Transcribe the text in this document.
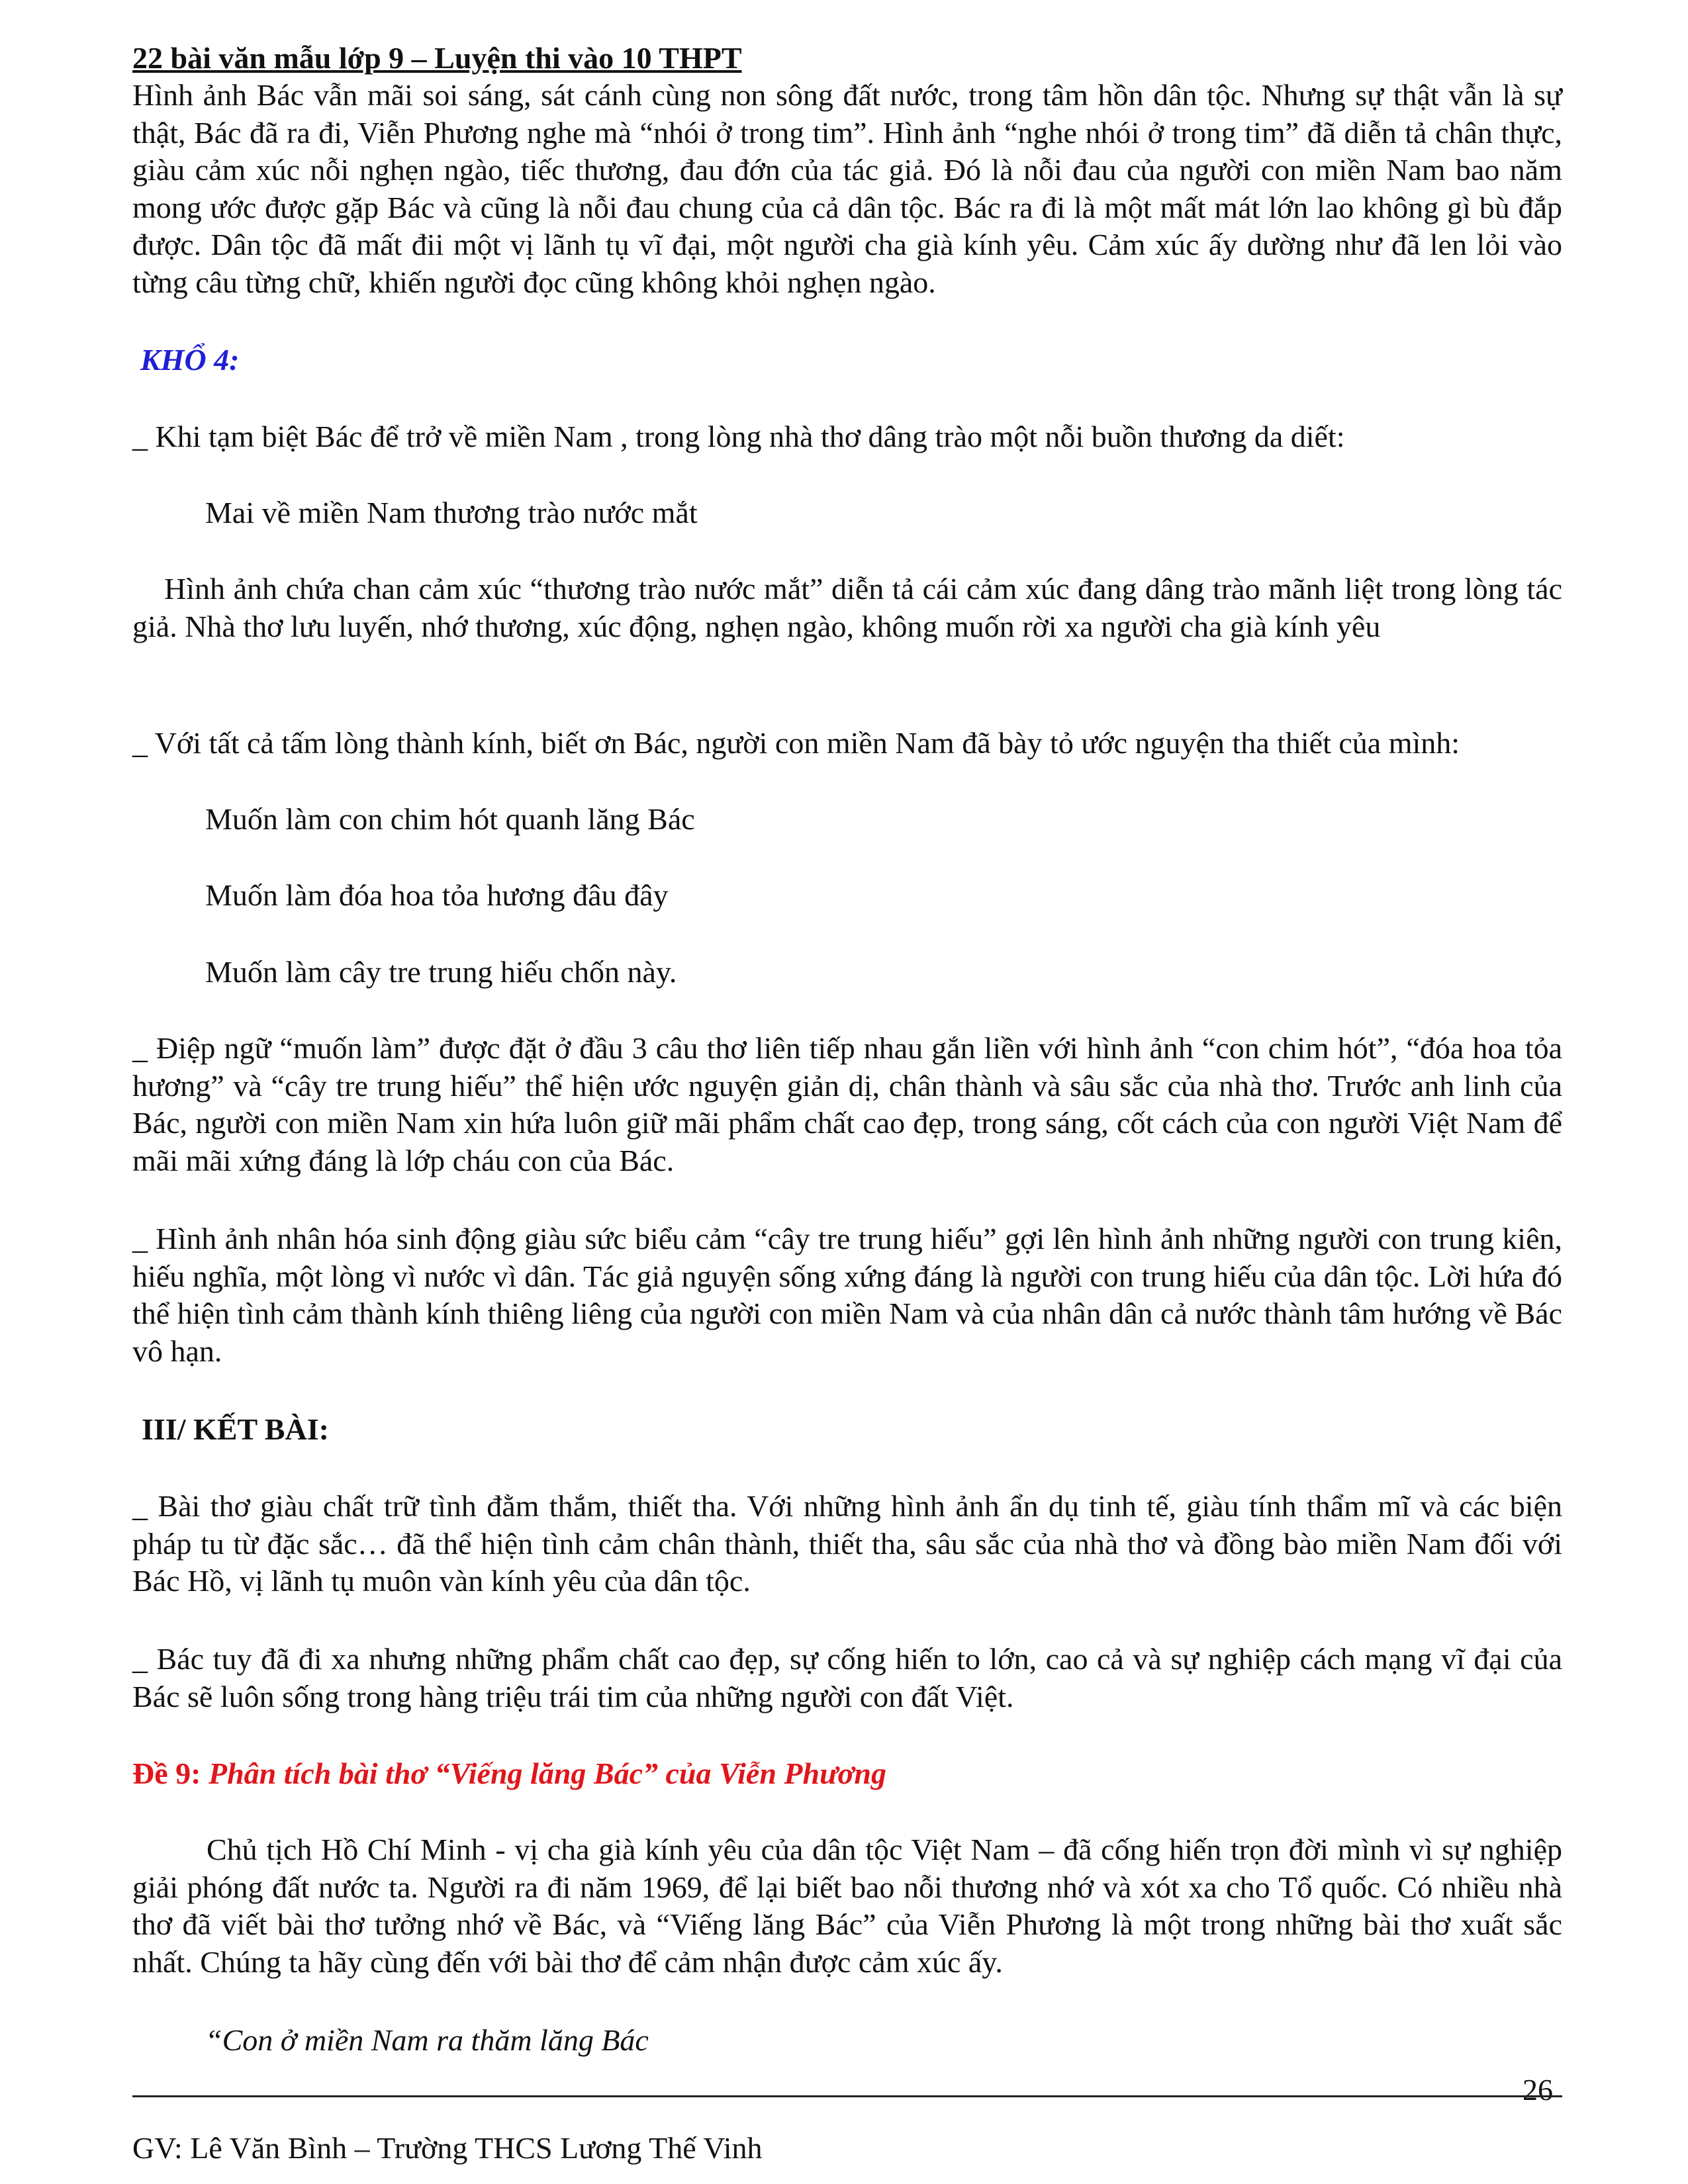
22 bài văn mẫu lớp 9 – Luyện thi vào 10 THPT

Hình ảnh Bác vẫn mãi soi sáng, sát cánh cùng non sông đất nước, trong tâm hồn dân tộc. Nhưng sự thật vẫn là sự thật, Bác đã ra đi, Viễn Phương nghe mà “nhói ở trong tim”. Hình ảnh “nghe nhói ở trong tim” đã diễn tả chân thực, giàu cảm xúc nỗi nghẹn ngào, tiếc thương, đau đớn của tác giả. Đó là nỗi đau của người con miền Nam bao năm mong ước được gặp Bác và cũng là nỗi đau chung của cả dân tộc. Bác ra đi là một mất mát lớn lao không gì bù đắp được. Dân tộc đã mất đii một vị lãnh tụ vĩ đại, một người cha già kính yêu. Cảm xúc ấy dường như đã len lỏi vào từng câu từng chữ, khiến người đọc cũng không khỏi nghẹn ngào.

KHỔ 4:

_ Khi tạm biệt Bác để trở về miền Nam , trong lòng nhà thơ dâng trào một nỗi buồn thương da diết:

Mai về miền Nam thương trào nước mắt

Hình ảnh chứa chan cảm xúc “thương trào nước mắt” diễn tả cái cảm xúc đang dâng trào mãnh liệt trong lòng tác giả. Nhà thơ lưu luyến, nhớ thương, xúc động, nghẹn ngào, không muốn rời xa người cha già kính yêu

_ Với tất cả tấm lòng thành kính, biết ơn Bác, người con miền Nam đã bày tỏ ước nguyện tha thiết của mình:

Muốn làm con chim hót quanh lăng Bác

Muốn làm đóa hoa tỏa hương đâu đây

Muốn làm cây tre trung hiếu chốn này.

_ Điệp ngữ “muốn làm” được đặt ở đầu 3 câu thơ liên tiếp nhau gắn liền với hình ảnh “con chim hót”, “đóa hoa tỏa hương” và “cây tre trung hiếu” thể hiện ước nguyện giản dị, chân thành và sâu sắc của nhà thơ. Trước anh linh của Bác, người con miền Nam xin hứa luôn giữ mãi phẩm chất cao đẹp, trong sáng, cốt cách của con người Việt Nam để mãi mãi xứng đáng là lớp cháu con của Bác.

_ Hình ảnh nhân hóa sinh động giàu sức biểu cảm “cây tre trung hiếu” gợi lên hình ảnh những người con trung kiên, hiếu nghĩa, một lòng vì nước vì dân. Tác giả nguyện sống xứng đáng là người con trung hiếu của dân tộc. Lời hứa đó thể hiện tình cảm thành kính thiêng liêng của người con miền Nam và của nhân dân cả nước thành tâm hướng về Bác vô hạn.

III/ KẾT BÀI:

_ Bài thơ giàu chất trữ tình đằm thắm, thiết tha. Với những hình ảnh ẩn dụ tinh tế, giàu tính thẩm mĩ và các biện pháp tu từ đặc sắc… đã thể hiện tình cảm chân thành, thiết tha, sâu sắc của nhà thơ và đồng bào miền Nam đối với Bác Hồ, vị lãnh tụ muôn vàn kính yêu của dân tộc.

_ Bác tuy đã đi xa nhưng những phẩm chất cao đẹp, sự cống hiến to lớn, cao cả và sự nghiệp cách mạng vĩ đại của Bác sẽ luôn sống trong hàng triệu trái tim của những người con đất Việt.

Đề 9: Phân tích bài thơ “Viếng lăng Bác” của Viễn Phương

Chủ tịch Hồ Chí Minh - vị cha già kính yêu của dân tộc Việt Nam – đã cống hiến trọn đời mình vì sự nghiệp giải phóng đất nước ta. Người ra đi năm 1969, để lại biết bao nỗi thương nhớ và xót xa cho Tổ quốc. Có nhiều nhà thơ đã viết bài thơ tưởng nhớ về Bác, và “Viếng lăng Bác” của Viễn Phương là một trong những bài thơ xuất sắc nhất. Chúng ta hãy cùng đến với bài thơ để cảm nhận được cảm xúc ấy.

“Con ở miền Nam ra thăm lăng Bác

26
GV: Lê Văn Bình – Trường THCS Lương Thế Vinh
